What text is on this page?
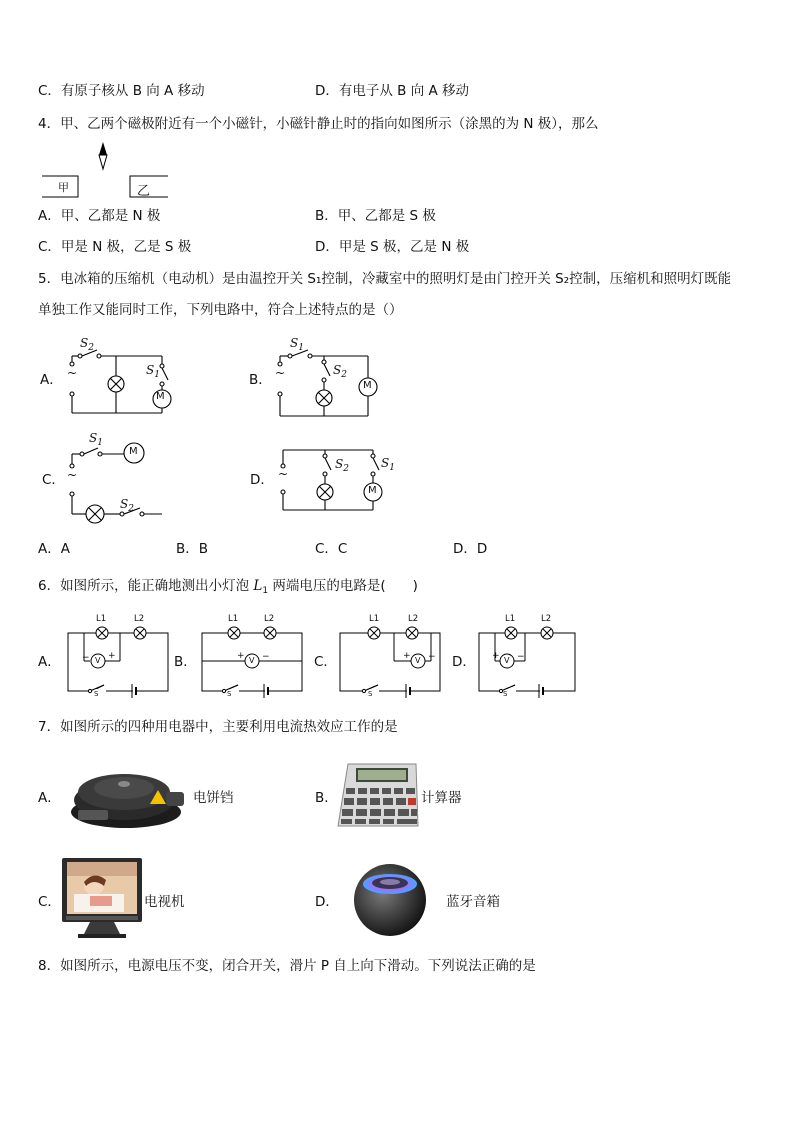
C．有原子核从 B 向 A 移动	D．有电子从 B 向 A 移动
4．甲、乙两个磁极附近有一个小磁针，小磁针静止时的指向如图所示（涂黑的为 N 极），那么
甲	乙
A．甲、乙都是 N 极	B．甲、乙都是 S 极
C．甲是 N 极，乙是 S 极	D．甲是 S 极，乙是 N 极
5．电冰箱的压缩机（电动机）是由温控开关 S₁控制，冷藏室中的照明灯是由门控开关 S₂控制，压缩机和照明灯既能
单独工作又能同时工作，下列电路中，符合上述特点的是（）
A． ~
$S_2$
$S_1$
M
B． ~
$S_1$
$S_2$
M
C． ~
$S_1$
$S_2$
M
D． ~
$S_2$	$S_1$
M
A．A	B．B	C．C	D．D
6．如图所示，能正确地测出小灯泡 $L_1$ 两端电压的电路是(　　)
A．
L1	L2
V
− +
S
B．
L1	L2
V
+ −
S
C．
L1	L2
V
+ −
S
D．
L1	L2
V
+ −
S
7．如图所示的四种用电器中，主要利用电流热效应工作的是
A．	电饼铛	B．	计算器
C．	电视机	D．	蓝牙音箱
8．如图所示，电源电压不变，闭合开关，滑片 P 自上向下滑动。下列说法正确的是
